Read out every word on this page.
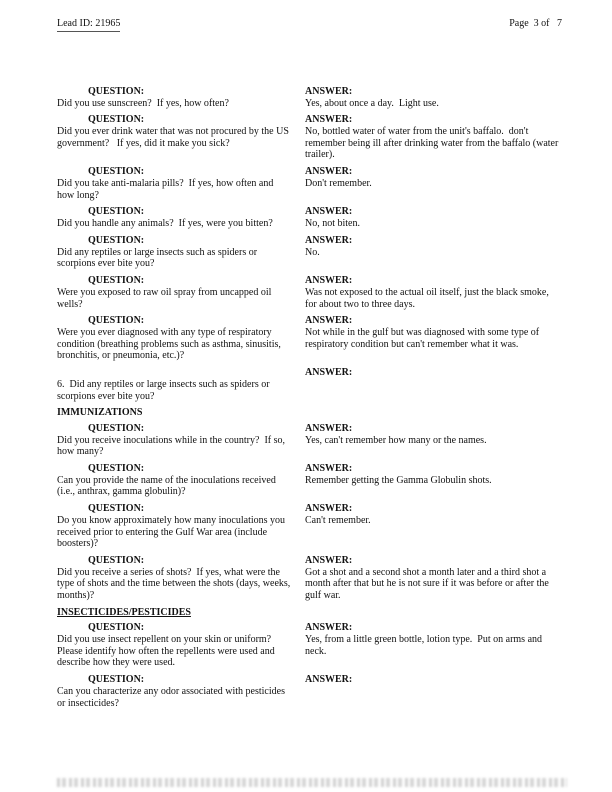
Lead ID: 21965	Page  3 of   7
QUESTION:
Did you use sunscreen?  If yes, how often?
ANSWER:
Yes, about once a day.  Light use.
QUESTION:
Did you ever drink water that was not procured by the US government?   If yes, did it make you sick?
ANSWER:
No, bottled water of water from the unit's baffalo.  don't remember being ill after drinking water from the baffalo (water trailer).
QUESTION:
Did you take anti-malaria pills?  If yes, how often and how long?
ANSWER:
Don't remember.
QUESTION:
Did you handle any animals?  If yes, were you bitten?
ANSWER:
No, not biten.
QUESTION:
Did any reptiles or large insects such as spiders or scorpions ever bite you?
ANSWER:
No.
QUESTION:
Were you exposed to raw oil spray from uncapped oil wells?
ANSWER:
Was not exposed to the actual oil itself, just the black smoke, for about two to three days.
QUESTION:
Were you ever diagnosed with any type of respiratory condition (breathing problems such as asthma, sinusitis, bronchitis, or pneumonia, etc.)?
ANSWER:
Not while in the gulf but was diagnosed with some type of respiratory condition but can't remember what it was.
6.  Did any reptiles or large insects such as spiders or scorpions ever bite you?
ANSWER:
IMMUNIZATIONS
QUESTION:
Did you receive inoculations while in the country?  If so, how many?
ANSWER:
Yes, can't remember how many or the names.
QUESTION:
Can you provide the name of the inoculations received (i.e., anthrax, gamma globulin)?
ANSWER:
Remember getting the Gamma Globulin shots.
QUESTION:
Do you know approximately how many inoculations you received prior to entering the Gulf War area (include boosters)?
ANSWER:
Can't remember.
QUESTION:
Did you receive a series of shots?  If yes, what were the type of shots and the time between the shots (days, weeks, months)?
ANSWER:
Got a shot and a second shot a month later and a third shot a month after that but he is not sure if it was before or after the gulf war.
INSECTICIDES/PESTICIDES
QUESTION:
Did you use insect repellent on your skin or uniform? Please identify how often the repellents were used and describe how they were used.
ANSWER:
Yes, from a little green bottle, lotion type.  Put on arms and neck.
QUESTION:
Can you characterize any odor associated with pesticides or insecticides?
ANSWER:
